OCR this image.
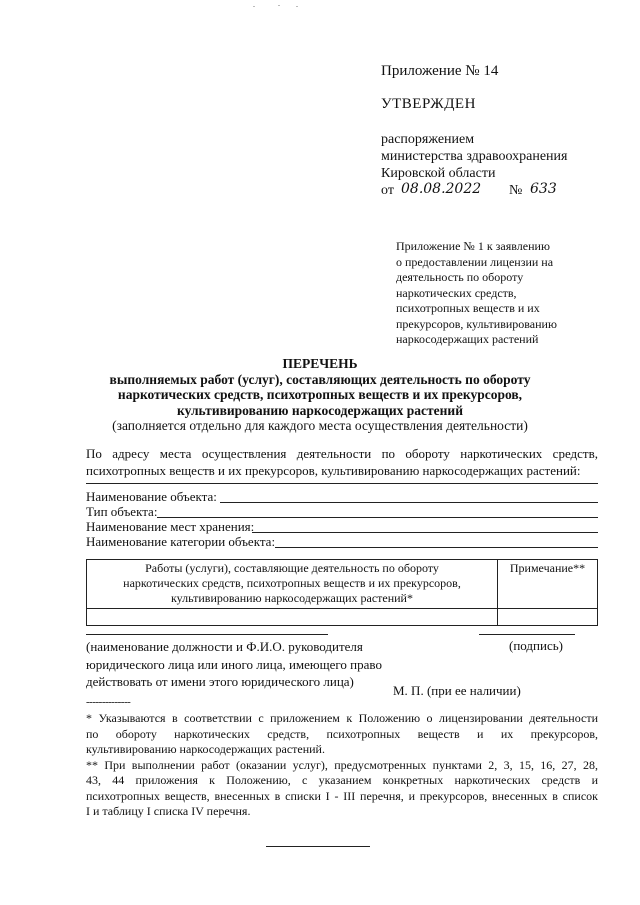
Приложение № 14
УТВЕРЖДЕН
распоряжением
министерства здравоохранения
Кировской области
от 08.08.2022 № 633
Приложение № 1 к заявлению
о предоставлении лицензии на
деятельность по обороту
наркотических средств,
психотропных веществ и их
прекурсоров, культивированию
наркосодержащих растений
ПЕРЕЧЕНЬ
выполняемых работ (услуг), составляющих деятельность по обороту
наркотических средств, психотропных веществ и их прекурсоров,
культивированию наркосодержащих растений
(заполняется отдельно для каждого места осуществления деятельности)
По адресу места осуществления деятельности по обороту наркотических средств,
психотропных веществ и их прекурсоров, культивированию наркосодержащих растений:
Наименование объекта:
Тип объекта:
Наименование мест хранения:
Наименование категории объекта:
Работы (услуги), составляющие деятельность по обороту
наркотических средств, психотропных веществ и их прекурсоров,
культивированию наркосодержащих растений*	Примечание**

(наименование должности и Ф.И.О. руководителя
юридического лица или иного лица, имеющего право
действовать от имени этого юридического лица)
(подпись)
М. П. (при ее наличии)
--------------
* Указываются в соответствии с приложением к Положению о лицензировании деятельности
по обороту наркотических средств, психотропных веществ и их прекурсоров,
культивированию наркосодержащих растений.
** При выполнении работ (оказании услуг), предусмотренных пунктами 2, 3, 15, 16, 27, 28,
43, 44 приложения к Положению, с указанием конкретных наркотических средств и
психотропных веществ, внесенных в списки I - III перечня, и прекурсоров, внесенных в список
I и таблицу I списка IV перечня.
